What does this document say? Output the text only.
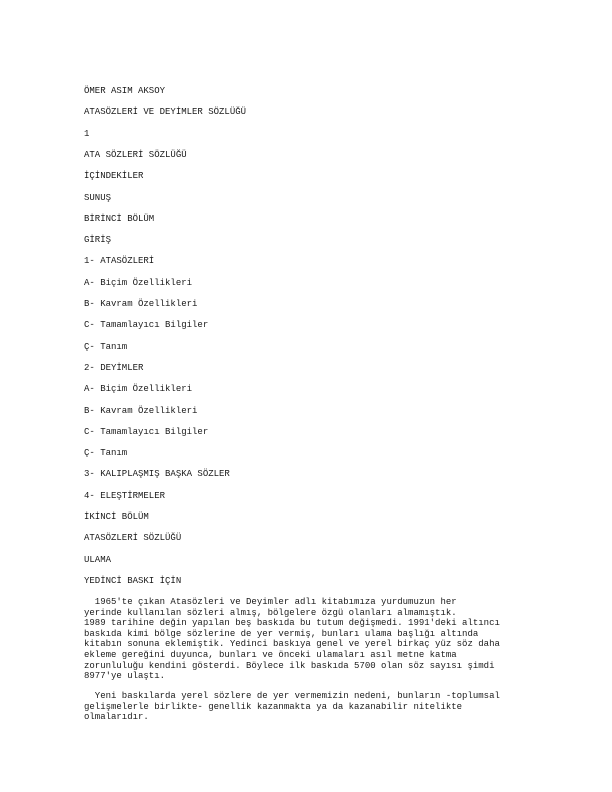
ÖMER ASIM AKSOY
ATASÖZLERİ VE DEYİMLER SÖZLÜĞÜ
1
ATA SÖZLERİ SÖZLÜĞÜ
İÇİNDEKİLER
SUNUŞ
BİRİNCİ BÖLÜM
GİRİŞ
1- ATASÖZLERİ
A- Biçim Özellikleri
B- Kavram Özellikleri
C- Tamamlayıcı Bilgiler
Ç- Tanım
2- DEYİMLER
A- Biçim Özellikleri
B- Kavram Özellikleri
C- Tamamlayıcı Bilgiler
Ç- Tanım
3- KALIPLAŞMIŞ BAŞKA SÖZLER
4- ELEŞTİRMELER
İKİNCİ BÖLÜM
ATASÖZLERİ SÖZLÜĞÜ
ULAMA
YEDİNCİ BASKI İÇİN
1965'te çıkan Atasözleri ve Deyimler adlı kitabımıza yurdumuzun her
yerinde kullanılan sözleri almış, bölgelere özgü olanları almamıştık.
1989 tarihine değin yapılan beş baskıda bu tutum değişmedi. 1991'deki altıncı
baskıda kimi bölge sözlerine de yer vermiş, bunları ulama başlığı altında
kitabın sonuna eklemiştik. Yedinci baskıya genel ve yerel birkaç yüz söz daha
ekleme gereğini duyunca, bunları ve önceki ulamaları asıl metne katma
zorunluluğu kendini gösterdi. Böylece ilk baskıda 5700 olan söz sayısı şimdi
8977'ye ulaştı.
Yeni baskılarda yerel sözlere de yer vermemizin nedeni, bunların -toplumsal
gelişmelerle birlikte- genellik kazanmakta ya da kazanabilir nitelikte
olmalarıdır.
